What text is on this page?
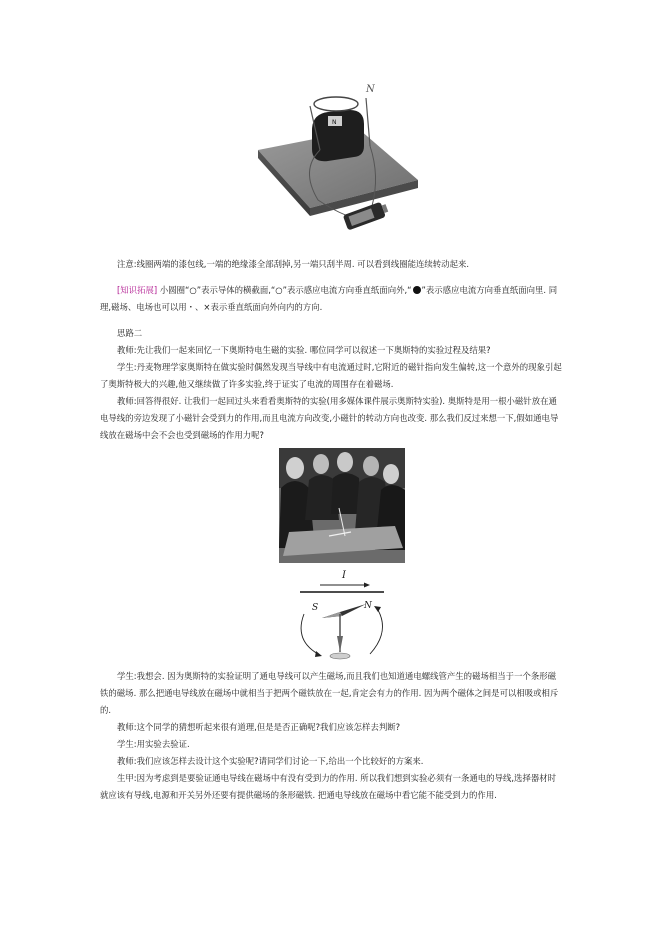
N
N
注意:线圈两端的漆包线,一端的绝缘漆全部刮掉,另一端只刮半周. 可以看到线圈能连续转动起来.
[知识拓展] 小圆圈“○”表示导体的横截面,“○”表示感应电流方向垂直纸面向外,“ ”表示感应电流方向垂直纸面向里. 同理,磁场、电场也可以用・、×表示垂直纸面向外向内的方向.
思路二
教师:先让我们一起来回忆一下奥斯特电生磁的实验. 哪位同学可以叙述一下奥斯特的实验过程及结果?
学生:丹麦物理学家奥斯特在做实验时偶然发现当导线中有电流通过时,它附近的磁针指向发生偏转,这一个意外的现象引起了奥斯特极大的兴趣,他又继续做了许多实验,终于证实了电流的周围存在着磁场.
教师:回答得很好. 让我们一起回过头来看看奥斯特的实验(用多媒体课件展示奥斯特实验). 奥斯特是用一根小磁针放在通电导线的旁边发现了小磁针会受到力的作用,而且电流方向改变,小磁针的转动方向也改变. 那么我们反过来想一下,假如通电导线放在磁场中会不会也受到磁场的作用力呢?
I
S	N
学生:我想会. 因为奥斯特的实验证明了通电导线可以产生磁场,而且我们也知道通电螺线管产生的磁场相当于一个条形磁铁的磁场. 那么把通电导线放在磁场中就相当于把两个磁铁放在一起,肯定会有力的作用. 因为两个磁体之间是可以相吸或相斥的.
教师:这个同学的猜想听起来很有道理,但是是否正确呢?我们应该怎样去判断?
学生:用实验去验证.
教师:我们应该怎样去设计这个实验呢?请同学们讨论一下,给出一个比较好的方案来.
生甲:因为考虑到是要验证通电导线在磁场中有没有受到力的作用. 所以我们想到实验必须有一条通电的导线,选择器材时就应该有导线,电源和开关另外还要有提供磁场的条形磁铁. 把通电导线放在磁场中看它能不能受到力的作用.
